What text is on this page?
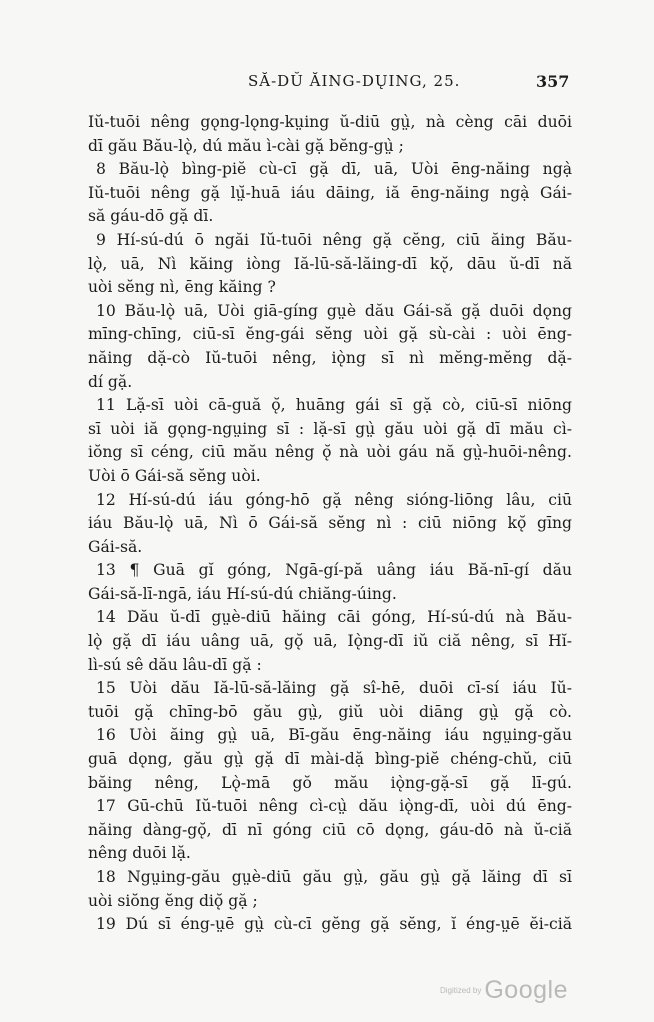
SĂ-DŬ ĂING-DŲING, 25.	357
Iŭ-tuōi nêng gǫng-lǫng-kṳing ŭ-diū gṳ̀, nà cèng cāi duōi
dī gău Bău-lǫ̀, dú mău ì-cài gặ bĕng-gṳ̀ ;
8 Bău-lǫ̀ bìng-piĕ cù-cī gặ dī, uā, Uòi ēng-năing ngạ̀
Iŭ-tuōi nêng gặ lṳ̆-huā iáu dāing, iă ēng-năing ngạ̀ Gái-
să gáu-dō gặ dī.
9 Hí-sú-dú ō ngăi Iŭ-tuōi nêng gặ cĕng, ciū ăing Bău-
lǫ̀, uā, Nì kăing iòng Iă-lū-să-lăing-dī kǫ̆, dāu ŭ-dī nă
uòi sĕng nì, ēng kăing ?
10 Bău-lǫ̀ uā, Uòi giā-gíng gṳè dău Gái-să gặ duōi dǫng
mīng-chīng, ciū-sī ĕng-gái sĕng uòi gặ sù-cài : uòi ēng-
năing dặ-cò Iŭ-tuōi nêng, iǫ̀ng sī nì mĕng-mĕng dặ-
dí gặ.
11 Lặ-sī uòi cā-guă ǫ̆, huāng gái sī gặ cò, ciū-sī niōng
sī uòi iă gǫng-ngṳing sī : lặ-sī gṳ̀ gău uòi gặ dī mău cì-
iŏng sī céng, ciū mău nêng ǫ̆ nà uòi gáu nă gṳ̀-huōi-nêng.
Uòi ō Gái-să sĕng uòi.
12 Hí-sú-dú iáu góng-hō gặ nêng sióng-liōng lâu, ciū
iáu Bău-lǫ̀ uā, Nì ō Gái-să sĕng nì : ciū niōng kǫ̆ gīng
Gái-să.
13 ¶ Guā gĭ góng, Ngā-gí-pă uâng iáu Bă-nī-gí dău
Gái-să-lī-ngā, iáu Hí-sú-dú chiăng-úing.
14 Dău ŭ-dī gṳè-diū hăing cāi góng, Hí-sú-dú nà Bău-
lǫ̀ gặ dī iáu uâng uā, gǫ̆ uā, Iǫ̀ng-dī iŭ ciă nêng, sī Hĭ-
lì-sú sê dău lâu-dī gặ :
15 Uòi dău Iă-lū-să-lăing gặ sî-hē, duōi cī-sí iáu Iŭ-
tuōi gặ chīng-bō gău gṳ̀, giŭ uòi diāng gṳ̀ gặ cò.
16 Uòi ăing gṳ̀ uā, Bī-gău ēng-năing iáu ngṳing-gău
guā dǫng, gău gṳ̀ gặ dī mài-dặ bìng-piĕ chéng-chŭ, ciū
băing nêng, Lǫ̀-mā gŏ mău iǫ̀ng-gặ-sī gặ lī-gú.
17 Gū-chū Iŭ-tuōi nêng cì-cṳ̀ dău iǫ̀ng-dī, uòi dú ēng-
năing dàng-gǫ̆, dī nī góng ciū cō dǫng, gáu-dō nà ŭ-ciă
nêng duōi lặ.
18 Ngṳing-gău gṳè-diū gău gṳ̀, gău gṳ̀ gặ lăing dī sī
uòi siŏng ĕng diǫ̆ gặ ;
19 Dú sī éng-ṳē gṳ̀ cù-cī gĕng gặ sĕng, ĭ éng-ṳē ĕi-ciă
Digitized by Google
